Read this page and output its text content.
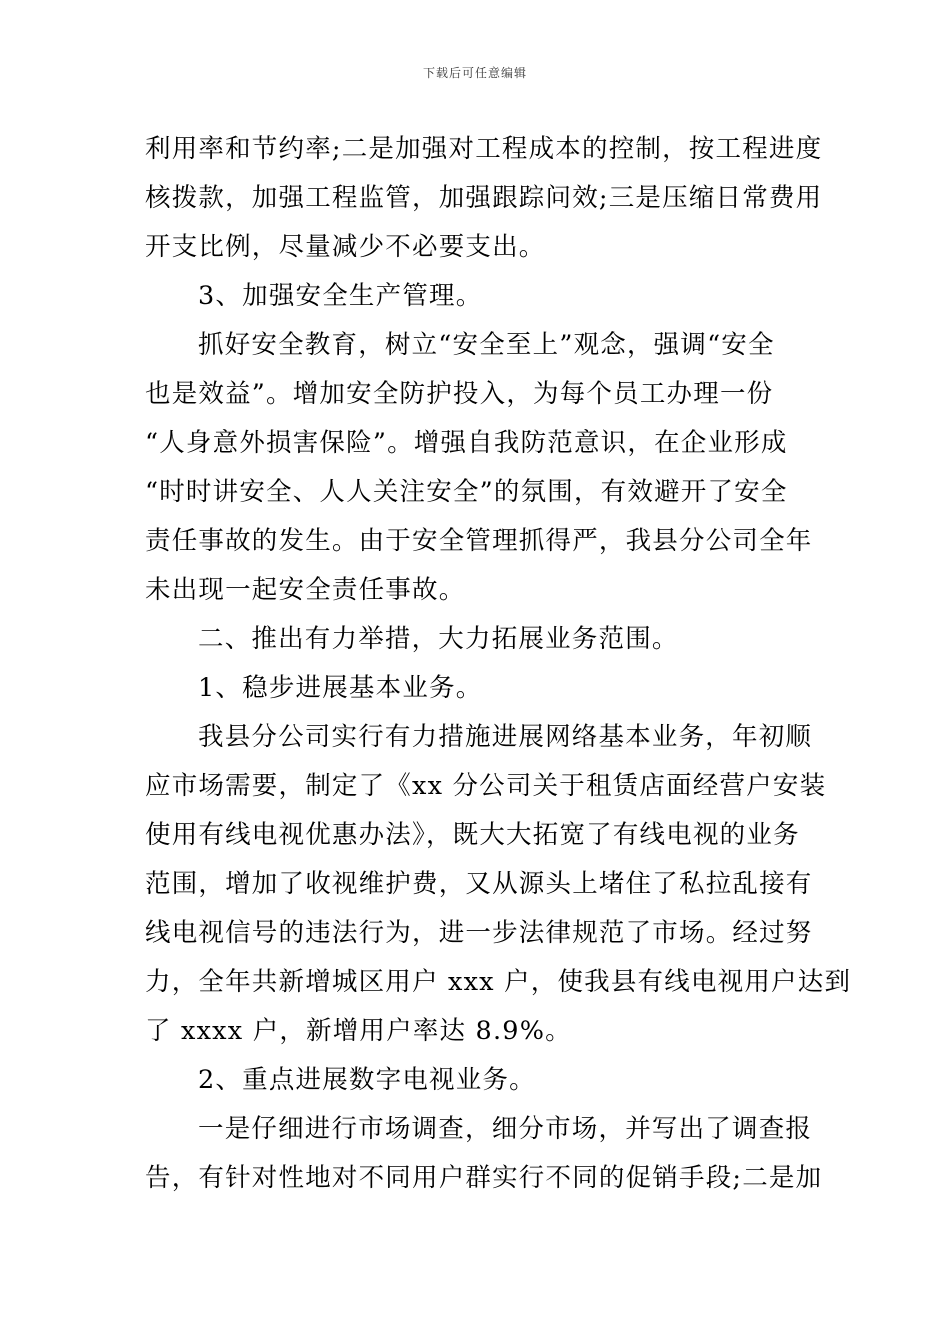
下载后可任意编辑
利用率和节约率;二是加强对工程成本的控制，按工程进度
核拨款，加强工程监管，加强跟踪问效;三是压缩日常费用
开支比例，尽量减少不必要支出。
3、加强安全生产管理。
抓好安全教育，树立“安全至上”观念，强调“安全
也是效益”。增加安全防护投入，为每个员工办理一份
“人身意外损害保险”。增强自我防范意识，在企业形成
“时时讲安全、人人关注安全”的氛围，有效避开了安全
责任事故的发生。由于安全管理抓得严，我县分公司全年
未出现一起安全责任事故。
二、推出有力举措，大力拓展业务范围。
1、稳步进展基本业务。
我县分公司实行有力措施进展网络基本业务，年初顺
应市场需要，制定了《xx 分公司关于租赁店面经营户安装
使用有线电视优惠办法》，既大大拓宽了有线电视的业务
范围，增加了收视维护费，又从源头上堵住了私拉乱接有
线电视信号的违法行为，进一步法律规范了市场。经过努
力，全年共新增城区用户 xxx 户，使我县有线电视用户达到
了 xxxx 户，新增用户率达 8.9%。
2、重点进展数字电视业务。
一是仔细进行市场调查，细分市场，并写出了调查报
告，有针对性地对不同用户群实行不同的促销手段;二是加
